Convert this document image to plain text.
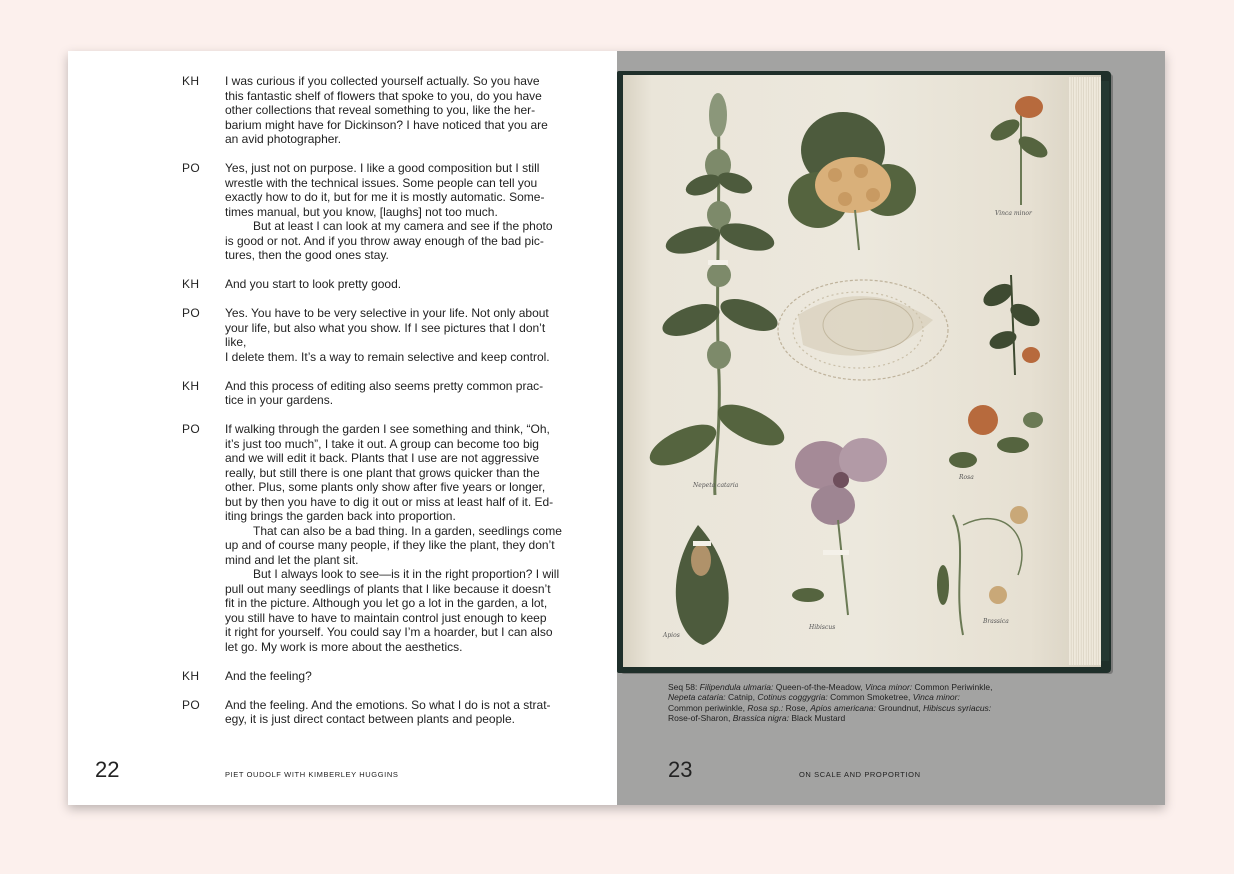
KH I was curious if you collected yourself actually. So you have
this fantastic shelf of flowers that spoke to you, do you have
other collections that reveal something to you, like the her-
barium might have for Dickinson? I have noticed that you are
an avid photographer.

PO Yes, just not on purpose. I like a good composition but I still
wrestle with the technical issues. Some people can tell you
exactly how to do it, but for me it is mostly automatic. Some-
times manual, but you know, [laughs] not too much.

But at least I can look at my camera and see if the photo
is good or not. And if you throw away enough of the bad pic-
tures, then the good ones stay.

KH And you start to look pretty good.

PO Yes. You have to be very selective in your life. Not only about
your life, but also what you show. If I see pictures that I don’t like,
I delete them. It’s a way to remain selective and keep control.

KH And this process of editing also seems pretty common prac-
tice in your gardens.

PO If walking through the garden I see something and think, “Oh,
it’s just too much”, I take it out. A group can become too big
and we will edit it back. Plants that I use are not aggressive
really, but still there is one plant that grows quicker than the
other. Plus, some plants only show after five years or longer,
but by then you have to dig it out or miss at least half of it. Ed-
iting brings the garden back into proportion.

That can also be a bad thing. In a garden, seedlings come
up and of course many people, if they like the plant, they don’t
mind and let the plant sit.

But I always look to see—is it in the right proportion? I will
pull out many seedlings of plants that I like because it doesn’t
fit in the picture. Although you let go a lot in the garden, a lot,
you still have to have to maintain control just enough to keep
it right for yourself. You could say I’m a hoarder, but I can also
let go. My work is more about the aesthetics.

KH And the feeling?

PO And the feeling. And the emotions. So what I do is not a strat-
egy, it is just direct contact between plants and people.

22	PIET OUDOLF WITH KIMBERLEY HUGGINS
Vinca minor
Nepeta cataria
Rosa
Apios
Hibiscus
Brassica
Seq 58: Filipendula ulmaria: Queen-of-the-Meadow, Vinca minor: Common Periwinkle,
Nepeta cataria: Catnip, Cotinus coggygria: Common Smoketree, Vinca minor:
Common periwinkle, Rosa sp.: Rose, Apios americana: Groundnut, Hibiscus syriacus:
Rose-of-Sharon, Brassica nigra: Black Mustard
23	ON SCALE AND PROPORTION
